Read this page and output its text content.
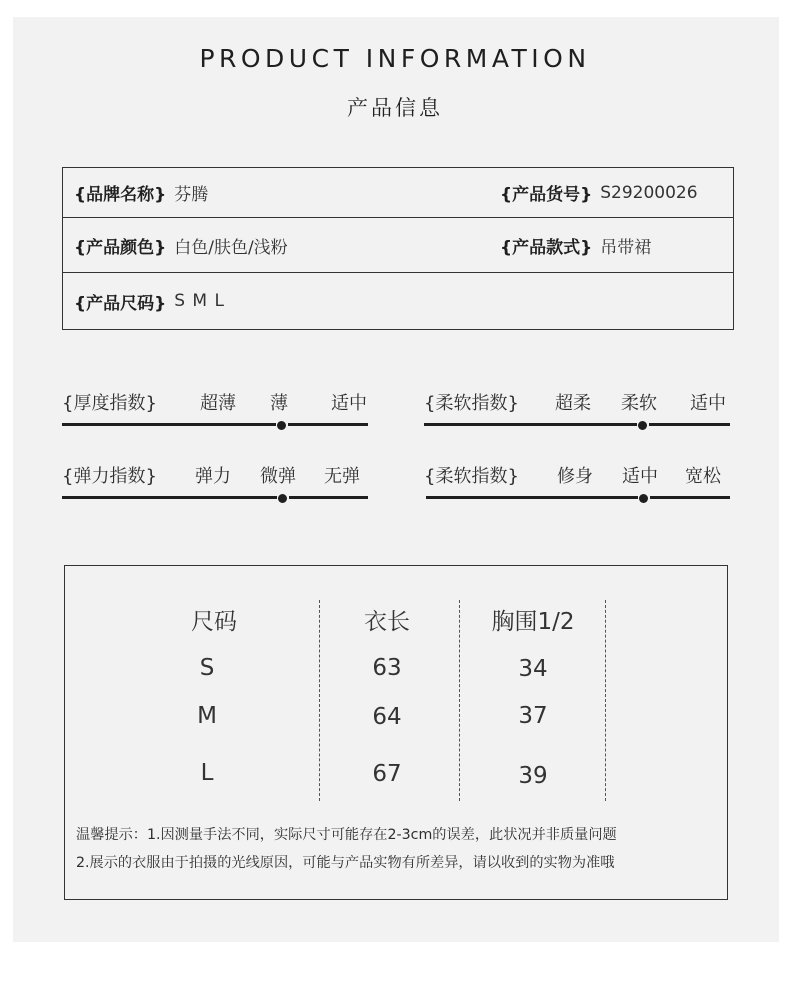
PRODUCT INFORMATION
产品信息
{品牌名称} 芬腾	{产品货号} S29200026
{产品颜色} 白色/肤色/浅粉	{产品款式} 吊带裙
{产品尺码} S M L
{厚度指数} 超薄 薄 适中	{柔软指数} 超柔 柔软 适中
{弹力指数} 弹力 微弹 无弹	{柔软指数} 修身 适中 宽松
尺码	衣长	胸围1/2
S	63	34
M	64	37
L	67	39
温馨提示：1.因测量手法不同，实际尺寸可能存在2-3cm的误差，此状况并非质量问题
2.展示的衣服由于拍摄的光线原因，可能与产品实物有所差异，请以收到的实物为准哦
